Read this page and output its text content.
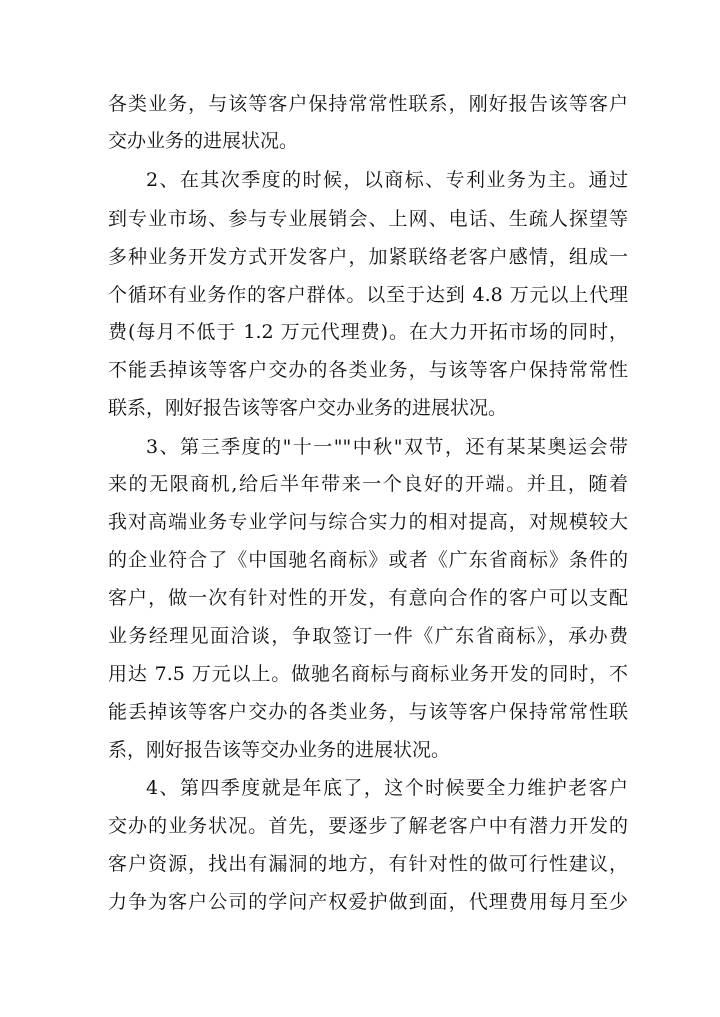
各类业务，与该等客户保持常常性联系，刚好报告该等客户
交办业务的进展状况。
2、在其次季度的时候，以商标、专利业务为主。通过
到专业市场、参与专业展销会、上网、电话、生疏人探望等
多种业务开发方式开发客户，加紧联络老客户感情，组成一
个循环有业务作的客户群体。以至于达到 4.8 万元以上代理
费(每月不低于 1.2 万元代理费)。在大力开拓市场的同时，
不能丢掉该等客户交办的各类业务，与该等客户保持常常性
联系，刚好报告该等客户交办业务的进展状况。
3、第三季度的"十一""中秋"双节，还有某某奥运会带
来的无限商机,给后半年带来一个良好的开端。并且，随着
我对高端业务专业学问与综合实力的相对提高，对规模较大
的企业符合了《中国驰名商标》或者《广东省商标》条件的
客户，做一次有针对性的开发，有意向合作的客户可以支配
业务经理见面洽谈，争取签订一件《广东省商标》，承办费
用达 7.5 万元以上。做驰名商标与商标业务开发的同时，不
能丢掉该等客户交办的各类业务，与该等客户保持常常性联
系，刚好报告该等交办业务的进展状况。
4、第四季度就是年底了，这个时候要全力维护老客户
交办的业务状况。首先，要逐步了解老客户中有潜力开发的
客户资源，找出有漏洞的地方，有针对性的做可行性建议，
力争为客户公司的学问产权爱护做到面，代理费用每月至少
